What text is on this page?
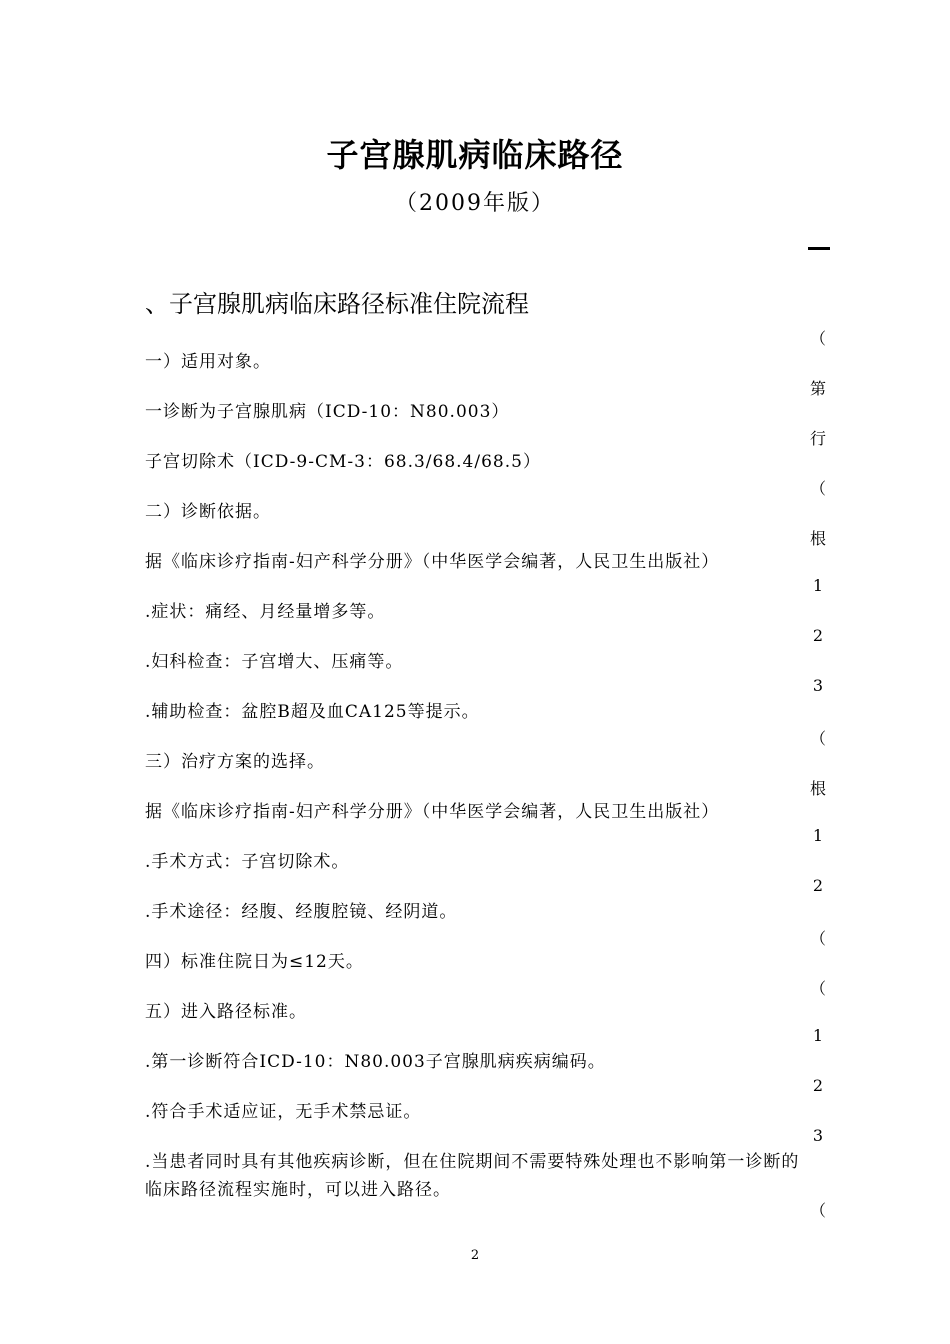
子宫腺肌病临床路径
（2009年版）
、子宫腺肌病临床路径标准住院流程
一）适用对象。
一诊断为子宫腺肌病（ICD-10：N80.003）
子宫切除术（ICD-9-CM-3：68.3/68.4/68.5）
二）诊断依据。
据《临床诊疗指南-妇产科学分册》（中华医学会编著，人民卫生出版社）
.症状：痛经、月经量增多等。
.妇科检查：子宫增大、压痛等。
.辅助检查：盆腔B超及血CA125等提示。
三）治疗方案的选择。
据《临床诊疗指南-妇产科学分册》（中华医学会编著，人民卫生出版社）
.手术方式：子宫切除术。
.手术途径：经腹、经腹腔镜、经阴道。
四）标准住院日为≤12天。
五）进入路径标准。
.第一诊断符合ICD-10：N80.003子宫腺肌病疾病编码。
.符合手术适应证，无手术禁忌证。
.当患者同时具有其他疾病诊断，但在住院期间不需要特殊处理也不影响第一诊断的临床路径流程实施时，可以进入路径。
（
第
行
（
根
1
2
3
（
根
1
2
（
（
1
2
3
（
2
